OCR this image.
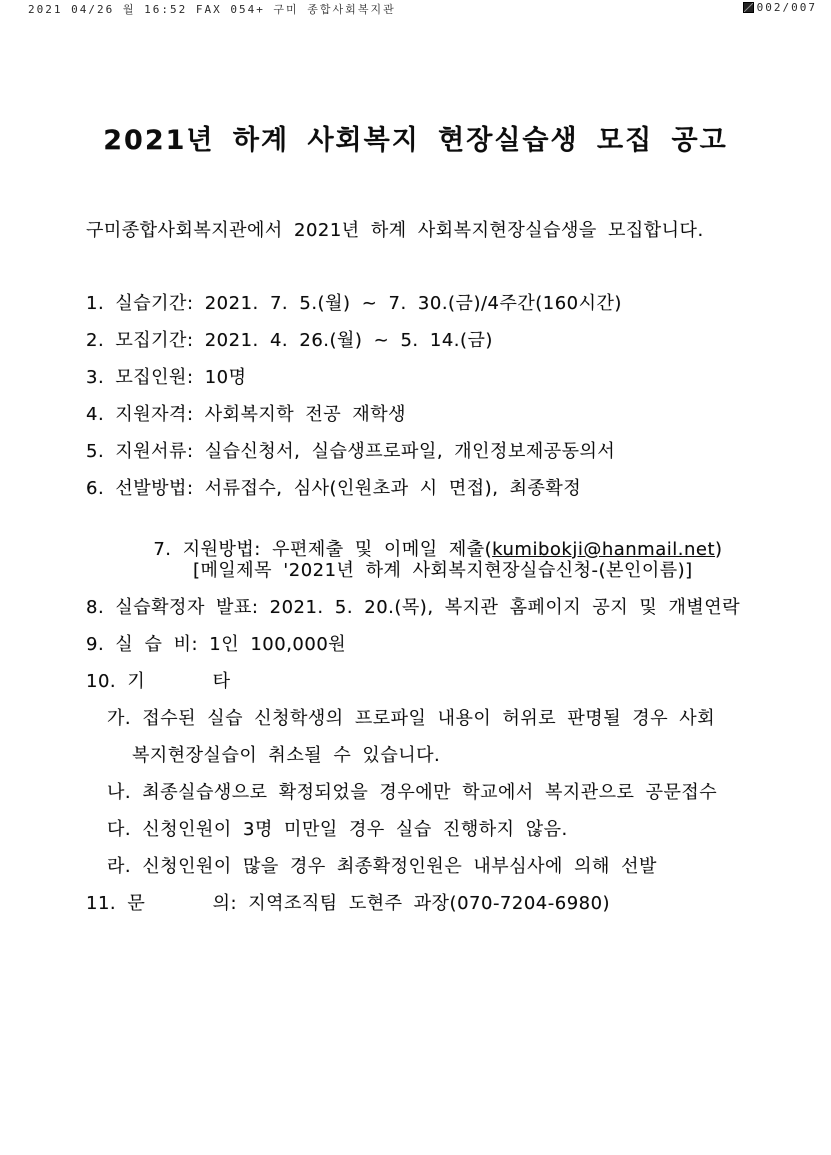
2021 04/26 월 16:52 FAX 054+ 구미 종합사회복지관	002/007
2021년 하계 사회복지 현장실습생 모집 공고
구미종합사회복지관에서 2021년 하계 사회복지현장실습생을 모집합니다.
1. 실습기간: 2021. 7. 5.(월) ~ 7. 30.(금)/4주간(160시간)
2. 모집기간: 2021. 4. 26.(월) ~ 5. 14.(금)
3. 모집인원: 10명
4. 지원자격: 사회복지학 전공 재학생
5. 지원서류: 실습신청서, 실습생프로파일, 개인정보제공동의서
6. 선발방법: 서류접수, 심사(인원초과 시 면접), 최종확정

7. 지원방법: 우편제출 및 이메일 제출(kumibokji@hanmail.net)

[메일제목 '2021년 하계 사회복지현장실습신청-(본인이름)]
8. 실습확정자 발표: 2021. 5. 20.(목), 복지관 홈페이지 공지 및 개별연락
9. 실 습 비: 1인 100,000원
10. 기      타
가. 접수된 실습 신청학생의 프로파일 내용이 허위로 판명될 경우 사회
복지현장실습이 취소될 수 있습니다.
나. 최종실습생으로 확정되었을 경우에만 학교에서 복지관으로 공문접수
다. 신청인원이 3명 미만일 경우 실습 진행하지 않음.
라. 신청인원이 많을 경우 최종확정인원은 내부심사에 의해 선발
11. 문      의: 지역조직팀 도현주 과장(070-7204-6980)
